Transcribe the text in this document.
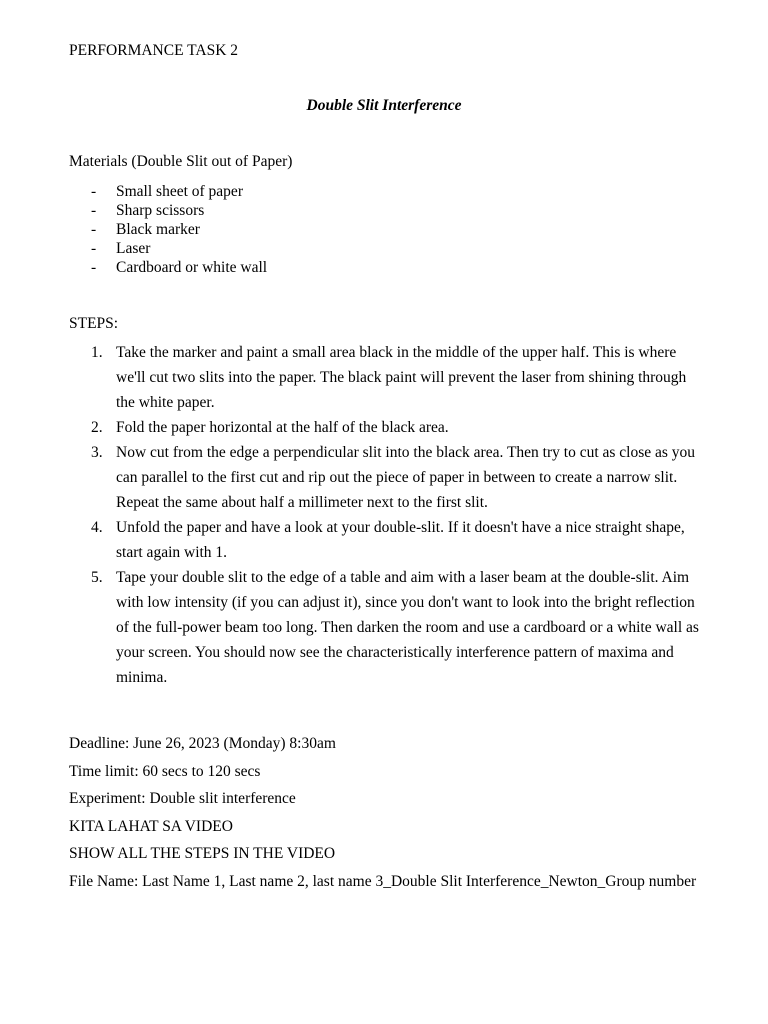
PERFORMANCE TASK 2
Double Slit Interference
Materials (Double Slit out of Paper)
- Small sheet of paper
- Sharp scissors
- Black marker
- Laser
- Cardboard or white wall
STEPS:
1. Take the marker and paint a small area black in the middle of the upper half. This is where we'll cut two slits into the paper. The black paint will prevent the laser from shining through the white paper.
2. Fold the paper horizontal at the half of the black area.
3. Now cut from the edge a perpendicular slit into the black area. Then try to cut as close as you can parallel to the first cut and rip out the piece of paper in between to create a narrow slit. Repeat the same about half a millimeter next to the first slit.
4. Unfold the paper and have a look at your double-slit. If it doesn't have a nice straight shape, start again with 1.
5. Tape your double slit to the edge of a table and aim with a laser beam at the double-slit. Aim with low intensity (if you can adjust it), since you don't want to look into the bright reflection of the full-power beam too long. Then darken the room and use a cardboard or a white wall as your screen. You should now see the characteristically interference pattern of maxima and minima.
Deadline: June 26, 2023 (Monday) 8:30am
Time limit: 60 secs to 120 secs
Experiment: Double slit interference
KITA LAHAT SA VIDEO
SHOW ALL THE STEPS IN THE VIDEO
File Name: Last Name 1, Last name 2, last name 3_Double Slit Interference_Newton_Group number
